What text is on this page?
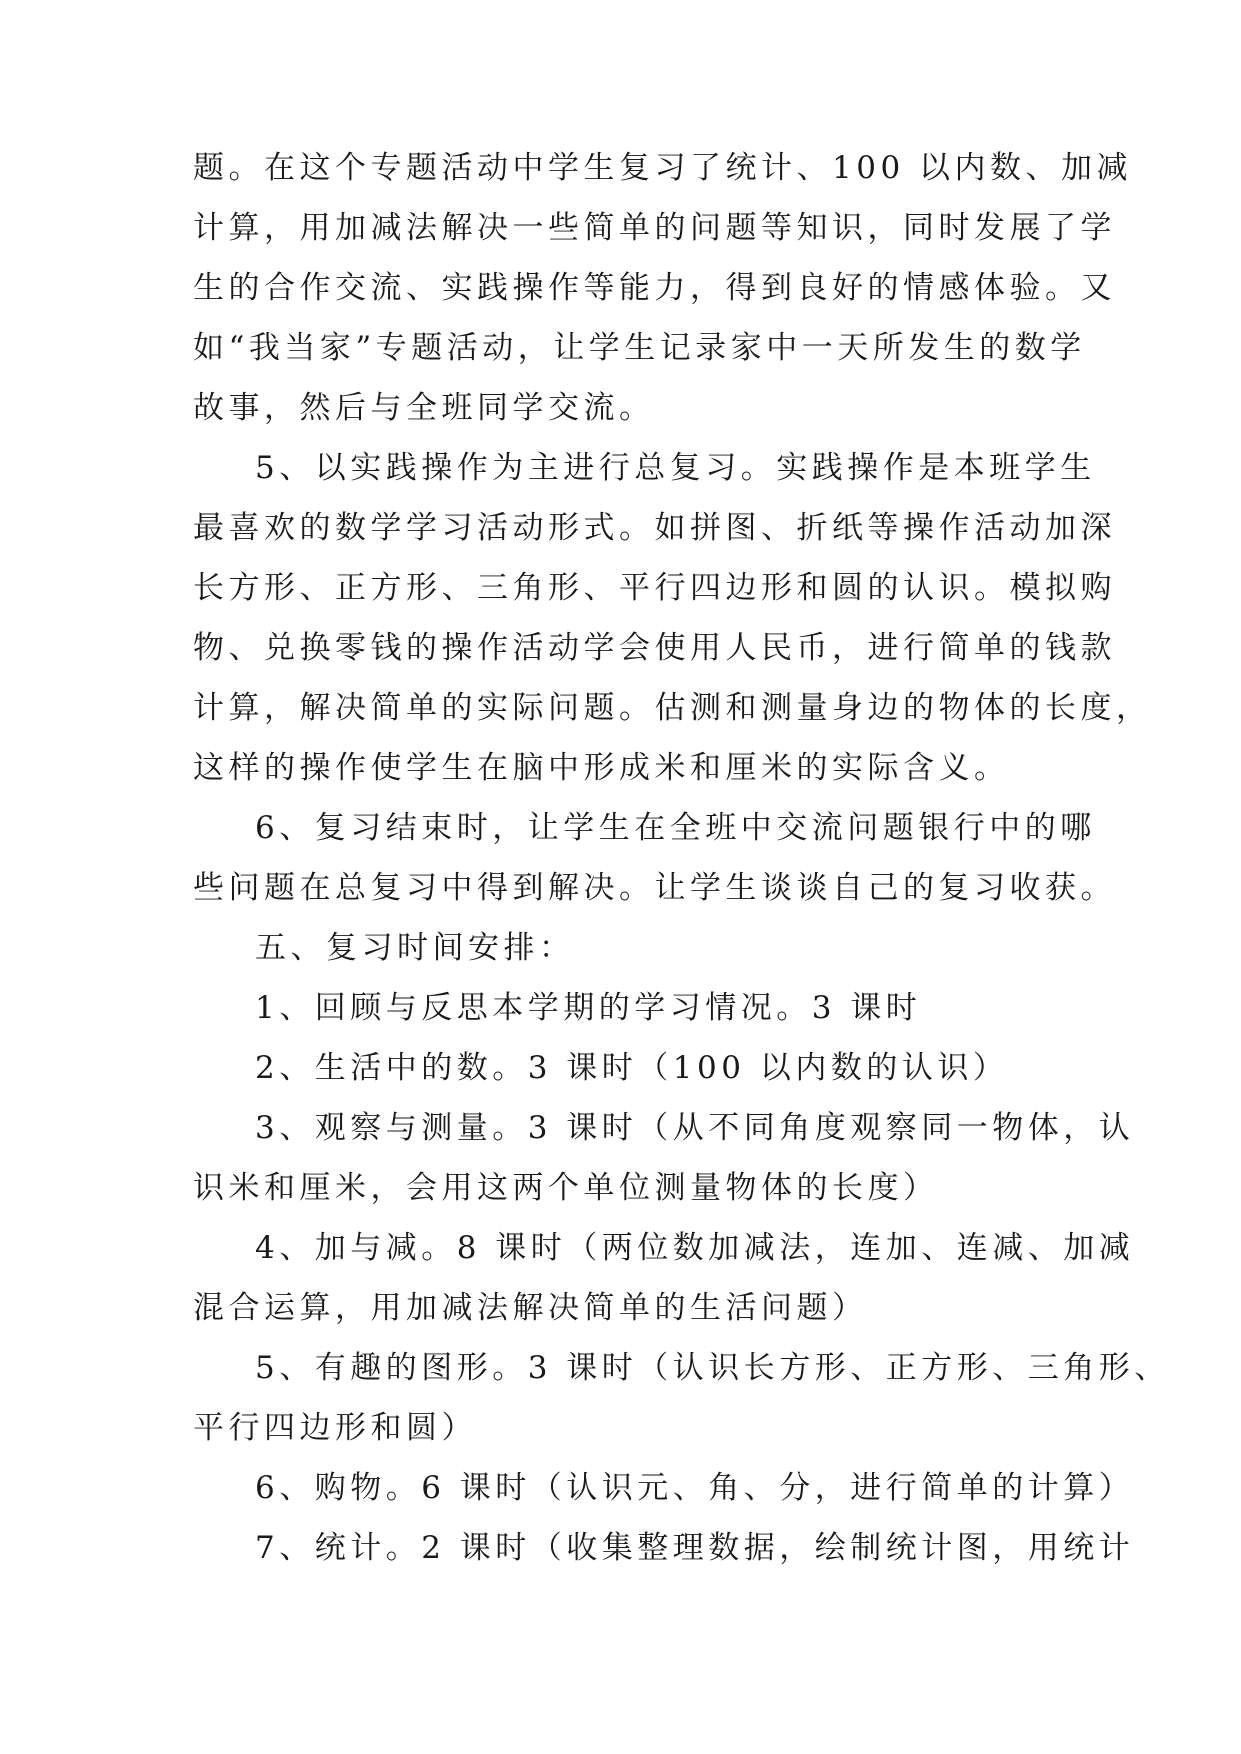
题。在这个专题活动中学生复习了统计、100 以内数、加减
计算，用加减法解决一些简单的问题等知识，同时发展了学
生的合作交流、实践操作等能力，得到良好的情感体验。又
如“我当家”专题活动，让学生记录家中一天所发生的数学
故事，然后与全班同学交流。
5、以实践操作为主进行总复习。实践操作是本班学生
最喜欢的数学学习活动形式。如拼图、折纸等操作活动加深
长方形、正方形、三角形、平行四边形和圆的认识。模拟购
物、兑换零钱的操作活动学会使用人民币，进行简单的钱款
计算，解决简单的实际问题。估测和测量身边的物体的长度，
这样的操作使学生在脑中形成米和厘米的实际含义。
6、复习结束时，让学生在全班中交流问题银行中的哪
些问题在总复习中得到解决。让学生谈谈自己的复习收获。
五、复习时间安排：
1、回顾与反思本学期的学习情况。3 课时
2、生活中的数。3 课时（100 以内数的认识）
3、观察与测量。3 课时（从不同角度观察同一物体，认
识米和厘米，会用这两个单位测量物体的长度）
4、加与减。8 课时（两位数加减法，连加、连减、加减
混合运算，用加减法解决简单的生活问题）
5、有趣的图形。3 课时（认识长方形、正方形、三角形、
平行四边形和圆）
6、购物。6 课时（认识元、角、分，进行简单的计算）
7、统计。2 课时（收集整理数据，绘制统计图，用统计
